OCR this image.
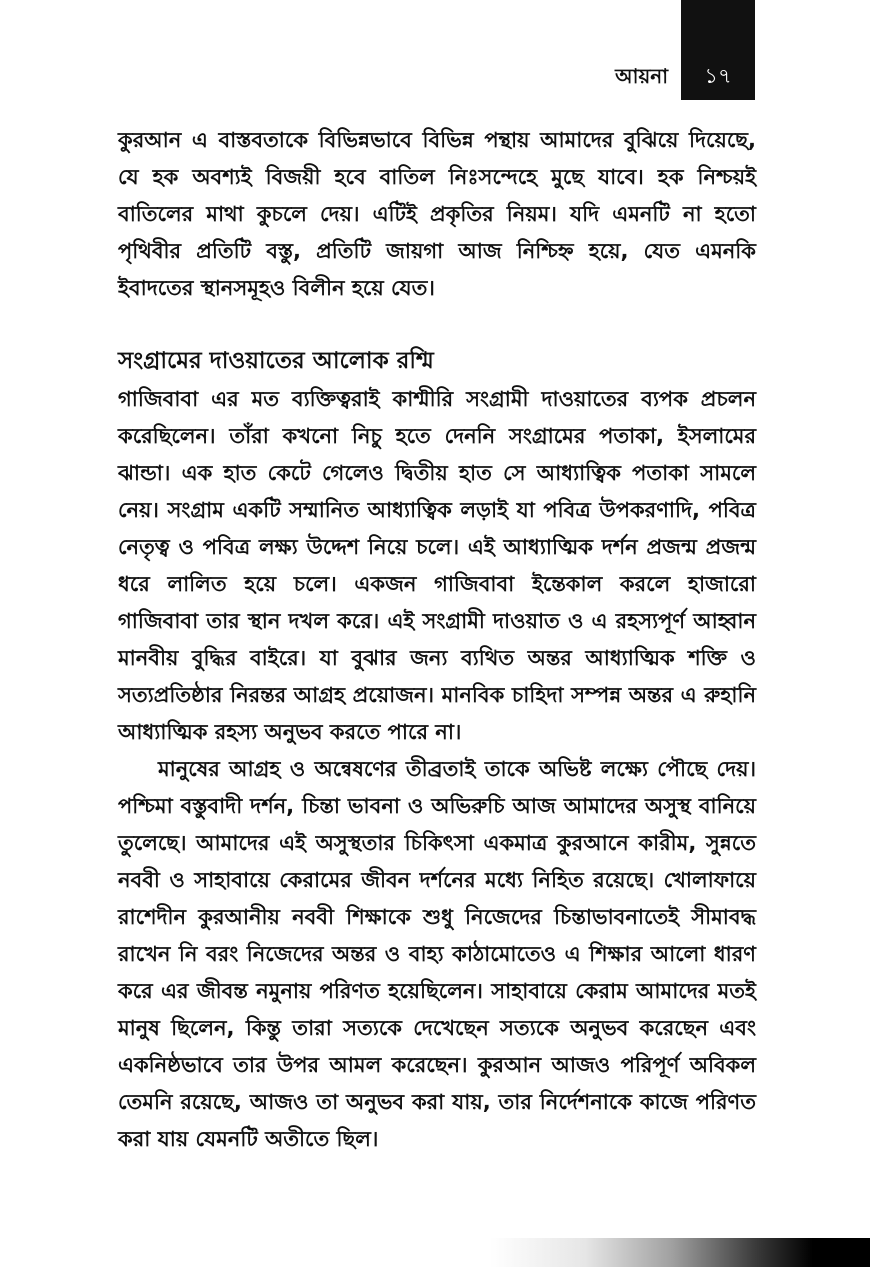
১৭
আয়না

কুরআন এ বাস্তবতাকে বিভিন্নভাবে বিভিন্ন পন্থায় আমাদের বুঝিয়ে দিয়েছে, যে হক অবশ্যই বিজয়ী হবে বাতিল নিঃসন্দেহে মুছে যাবে। হক নিশ্চয়ই বাতিলের মাথা কুচলে দেয়। এটিই প্রকৃতির নিয়ম। যদি এমনটি না হতো পৃথিবীর প্রতিটি বস্তু, প্রতিটি জায়গা আজ নিশ্চিহ্ন হয়ে, যেত এমনকি ইবাদতের স্থানসমূহও বিলীন হয়ে যেত।

সংগ্রামের দাওয়াতের আলোক রশ্মি

গাজিবাবা এর মত ব্যক্তিত্বরাই কাশ্মীরি সংগ্রামী দাওয়াতের ব্যপক প্রচলন করেছিলেন। তাঁরা কখনো নিচু হতে দেননি সংগ্রামের পতাকা, ইসলামের ঝান্ডা। এক হাত কেটে গেলেও দ্বিতীয় হাত সে আধ্যাত্বিক পতাকা সামলে নেয়। সংগ্রাম একটি সম্মানিত আধ্যাত্বিক লড়াই যা পবিত্র উপকরণাদি, পবিত্র নেতৃত্ব ও পবিত্র লক্ষ্য উদ্দেশ নিয়ে চলে। এই আধ্যাত্মিক দর্শন প্রজন্ম প্রজন্ম ধরে লালিত হয়ে চলে। একজন গাজিবাবা ইন্তেকাল করলে হাজারো গাজিবাবা তার স্থান দখল করে। এই সংগ্রামী দাওয়াত ও এ রহস্যপূর্ণ আহ্বান মানবীয় বুদ্ধির বাইরে। যা বুঝার জন্য ব্যথিত অন্তর আধ্যাত্মিক শক্তি ও সত্যপ্রতিষ্ঠার নিরন্তর আগ্রহ প্রয়োজন। মানবিক চাহিদা সম্পন্ন অন্তর এ রুহানি আধ্যাত্মিক রহস্য অনুভব করতে পারে না।

মানুষের আগ্রহ ও অন্বেষণের তীব্রতাই তাকে অভিষ্ট লক্ষ্যে পৌছে দেয়। পশ্চিমা বস্তুবাদী দর্শন, চিন্তা ভাবনা ও অভিরুচি আজ আমাদের অসুস্থ বানিয়ে তুলেছে। আমাদের এই অসুস্থতার চিকিৎসা একমাত্র কুরআনে কারীম, সুন্নতে নববী ও সাহাবায়ে কেরামের জীবন দর্শনের মধ্যে নিহিত রয়েছে। খোলাফায়ে রাশেদীন কুরআনীয় নববী শিক্ষাকে শুধু নিজেদের চিন্তাভাবনাতেই সীমাবদ্ধ রাখেন নি বরং নিজেদের অন্তর ও বাহ্য কাঠামোতেও এ শিক্ষার আলো ধারণ করে এর জীবন্ত নমুনায় পরিণত হয়েছিলেন। সাহাবায়ে কেরাম আমাদের মতই মানুষ ছিলেন, কিন্তু তারা সত্যকে দেখেছেন সত্যকে অনুভব করেছেন এবং একনিষ্ঠভাবে তার উপর আমল করেছেন। কুরআন আজও পরিপূর্ণ অবিকল তেমনি রয়েছে, আজও তা অনুভব করা যায়, তার নির্দেশনাকে কাজে পরিণত করা যায় যেমনটি অতীতে ছিল।
